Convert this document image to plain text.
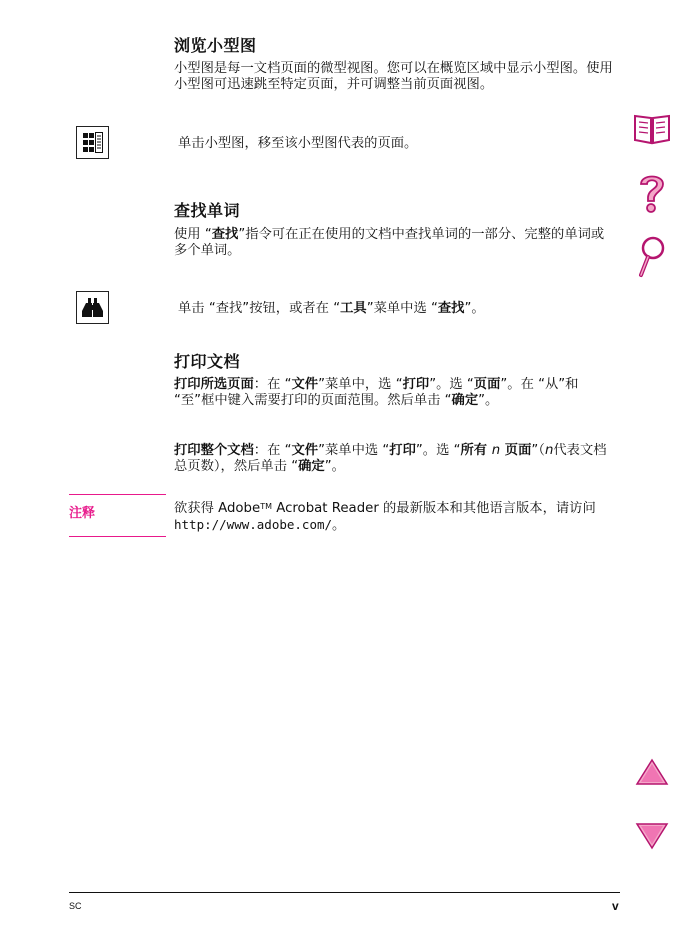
浏览小型图

小型图是每一文档页面的微型视图。您可以在概览区域中显示小型图。使用小型图可迅速跳至特定页面，并可调整当前页面视图。

单击小型图，移至该小型图代表的页面。

查找单词

使用 “查找”指令可在正在使用的文档中查找单词的一部分、完整的单词或多个单词。

单击 “查找”按钮，或者在 “工具”菜单中选 “查找”。

打印文档

打印所选页面：在 “文件”菜单中，选 “打印”。选 “页面”。在 “从”和 “至”框中键入需要打印的页面范围。然后单击 “确定”。

打印整个文档：在 “文件”菜单中选 “打印”。选 “所有 n 页面”（n代表文档总页数），然后单击 “确定”。

注释	欲获得 Adobe™ Acrobat Reader 的最新版本和其他语言版本，请访问 http://www.adobe.com/。

SC	v
